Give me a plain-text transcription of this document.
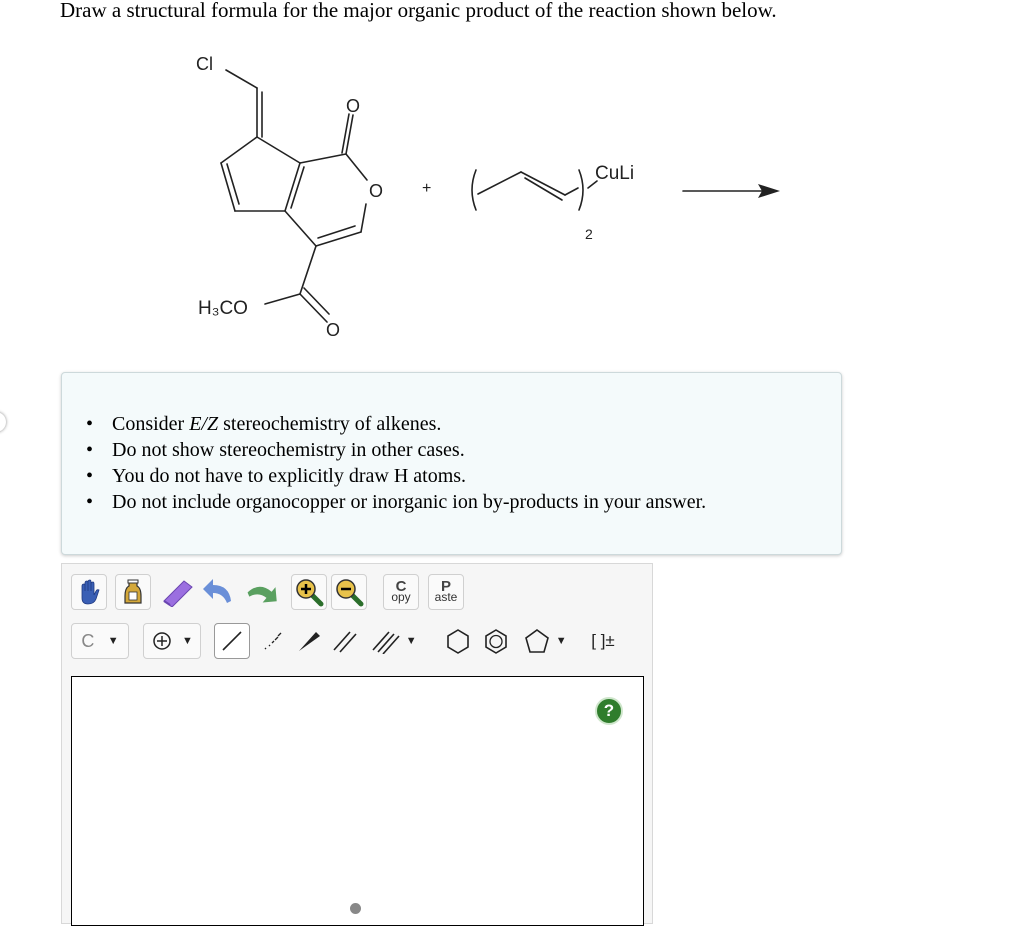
Draw a structural formula for the major organic product of the reaction shown below.
Cl
O
O +
CuLi
2
H₃CO
O
• Consider E/Z stereochemistry of alkenes.
• Do not show stereochemistry in other cases.
• You do not have to explicitly draw H atoms.
• Do not include organocopper or inorganic ion by-products in your answer.
C
opy
P
aste
C
▼
	▼
	▼
	▼ [ ]±
?
